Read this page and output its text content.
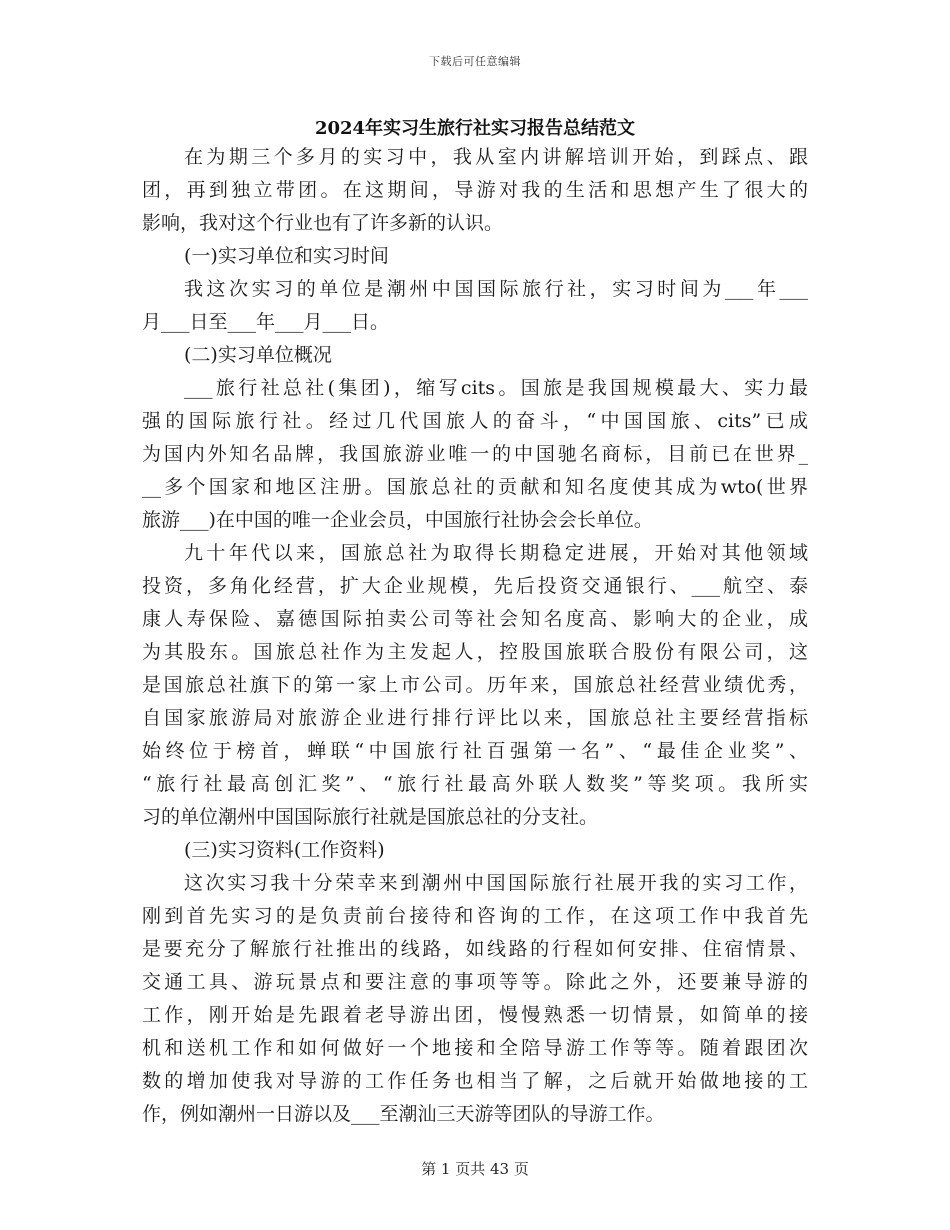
下载后可任意编辑
2024年实习生旅行社实习报告总结范文
在为期三个多月的实习中，我从室内讲解培训开始，到踩点、跟
团，再到独立带团。在这期间，导游对我的生活和思想产生了很大的
影响，我对这个行业也有了许多新的认识。
(一)实习单位和实习时间
我这次实习的单位是潮州中国国际旅行社，实习时间为___年___
月___日至___年___月___日。
(二)实习单位概况
___旅行社总社(集团)，缩写cits。国旅是我国规模最大、实力最
强的国际旅行社。经过几代国旅人的奋斗，“中国国旅、cits”已成
为国内外知名品牌，我国旅游业唯一的中国驰名商标，目前已在世界_
__多个国家和地区注册。国旅总社的贡献和知名度使其成为wto(世界
旅游___)在中国的唯一企业会员，中国旅行社协会会长单位。
九十年代以来，国旅总社为取得长期稳定进展，开始对其他领域
投资，多角化经营，扩大企业规模，先后投资交通银行、___航空、泰
康人寿保险、嘉德国际拍卖公司等社会知名度高、影响大的企业，成
为其股东。国旅总社作为主发起人，控股国旅联合股份有限公司，这
是国旅总社旗下的第一家上市公司。历年来，国旅总社经营业绩优秀，
自国家旅游局对旅游企业进行排行评比以来，国旅总社主要经营指标
始终位于榜首，蝉联“中国旅行社百强第一名”、“最佳企业奖”、
“旅行社最高创汇奖”、“旅行社最高外联人数奖”等奖项。我所实
习的单位潮州中国国际旅行社就是国旅总社的分支社。
(三)实习资料(工作资料)
这次实习我十分荣幸来到潮州中国国际旅行社展开我的实习工作，
刚到首先实习的是负责前台接待和咨询的工作，在这项工作中我首先
是要充分了解旅行社推出的线路，如线路的行程如何安排、住宿情景、
交通工具、游玩景点和要注意的事项等等。除此之外，还要兼导游的
工作，刚开始是先跟着老导游出团，慢慢熟悉一切情景，如简单的接
机和送机工作和如何做好一个地接和全陪导游工作等等。随着跟团次
数的增加使我对导游的工作任务也相当了解，之后就开始做地接的工
作，例如潮州一日游以及___至潮汕三天游等团队的导游工作。
第 1 页共 43 页
